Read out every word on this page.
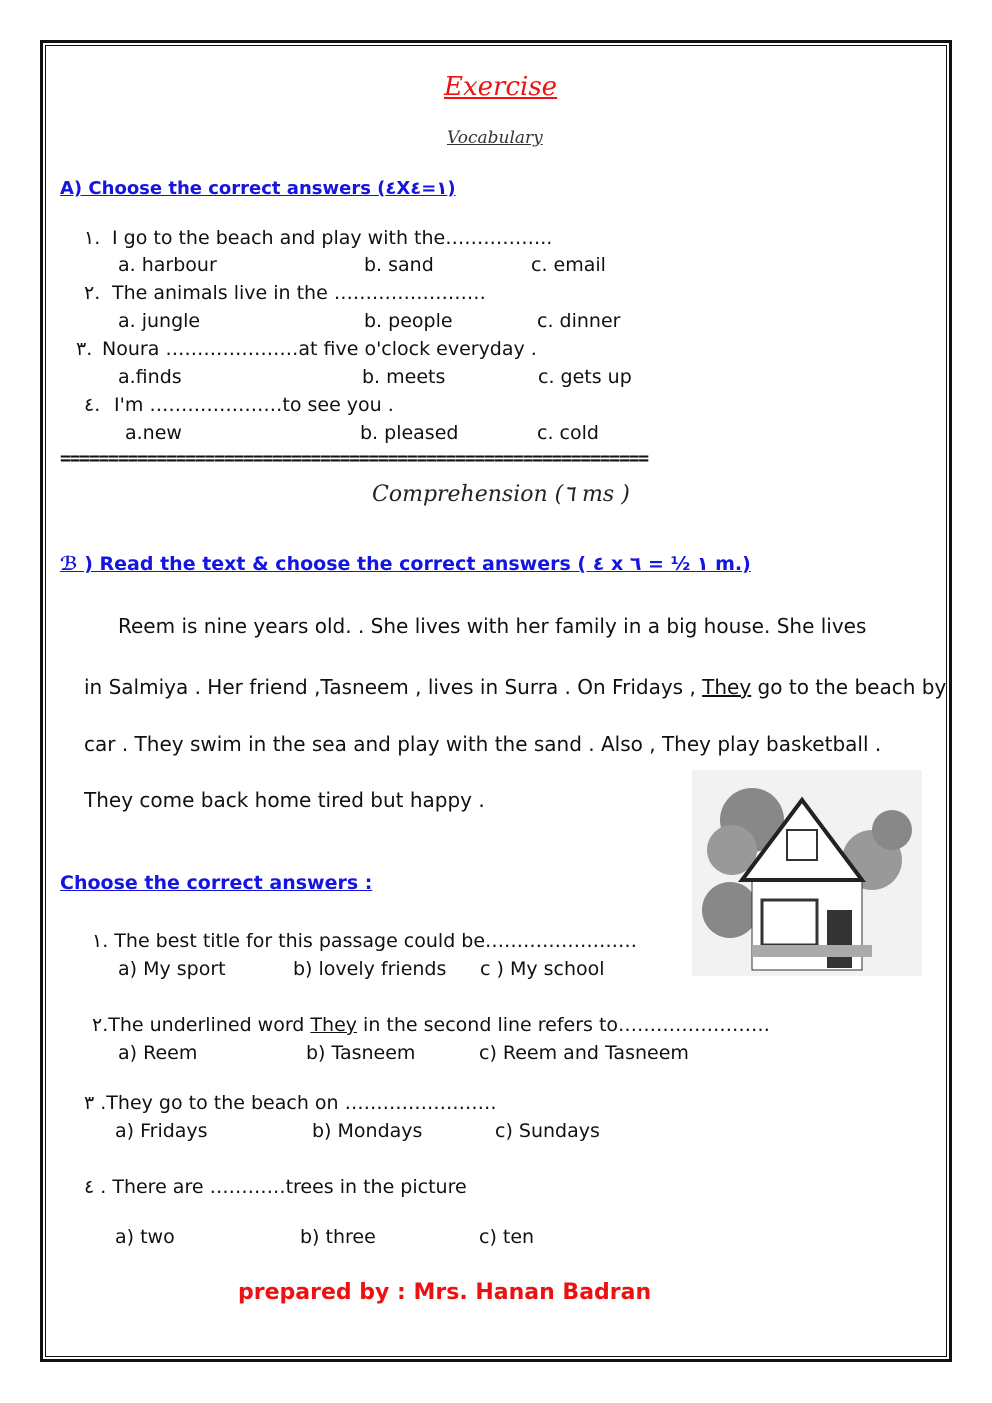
Exercise
Vocabulary
A) Choose the correct answers (٤X١=٤)
١. I go to the beach and play with the……………..
a. harbour	b. sand	c. email
٢. The animals live in the ……………………
a. jungle	b. people	c. dinner
٣. Noura …………………at five o'clock everyday .
a.finds	b. meets	c. gets up
٤. I'm …………………to see you .
a.new	b. pleased	c. cold
=============================================================
Comprehension (٦ ms )
ℬ ) Read the text & choose the correct answers ( ٤ x ١ ½ = ٦ m.)
Reem is nine years old. . She lives with her family in a big house. She lives
in Salmiya . Her friend ,Tasneem , lives in Surra . On Fridays , They go to the beach by
car . They swim in the sea and play with the sand . Also , They play basketball .
They come back home tired but happy .
Choose the correct answers :
١. The best title for this passage could be……………………
a) My sport	b) lovely friends c ) My school
٢.The underlined word They in the second line refers to……………………
a) Reem	b) Tasneem	c) Reem and Tasneem
٣ .They go to the beach on ……………………
a) Fridays	b) Mondays	c) Sundays
٤ . There are …………trees in the picture
a) two	b) three	c) ten
prepared by : Mrs. Hanan Badran
